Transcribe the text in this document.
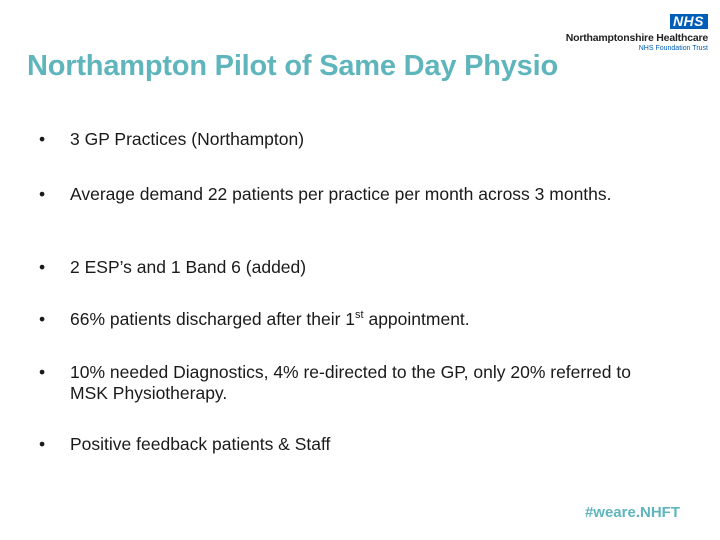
NHS
Northamptonshire Healthcare
NHS Foundation Trust
Northampton Pilot of Same Day Physio
• 3 GP Practices (Northampton)
• Average demand 22 patients per practice per month across 3 months.
• 2 ESP’s and 1 Band 6 (added)
• 66% patients discharged after their 1st appointment.
• 10% needed Diagnostics, 4% re-directed to the GP, only 20% referred to MSK Physiotherapy.
• Positive feedback patients & Staff
#weare.NHFT
